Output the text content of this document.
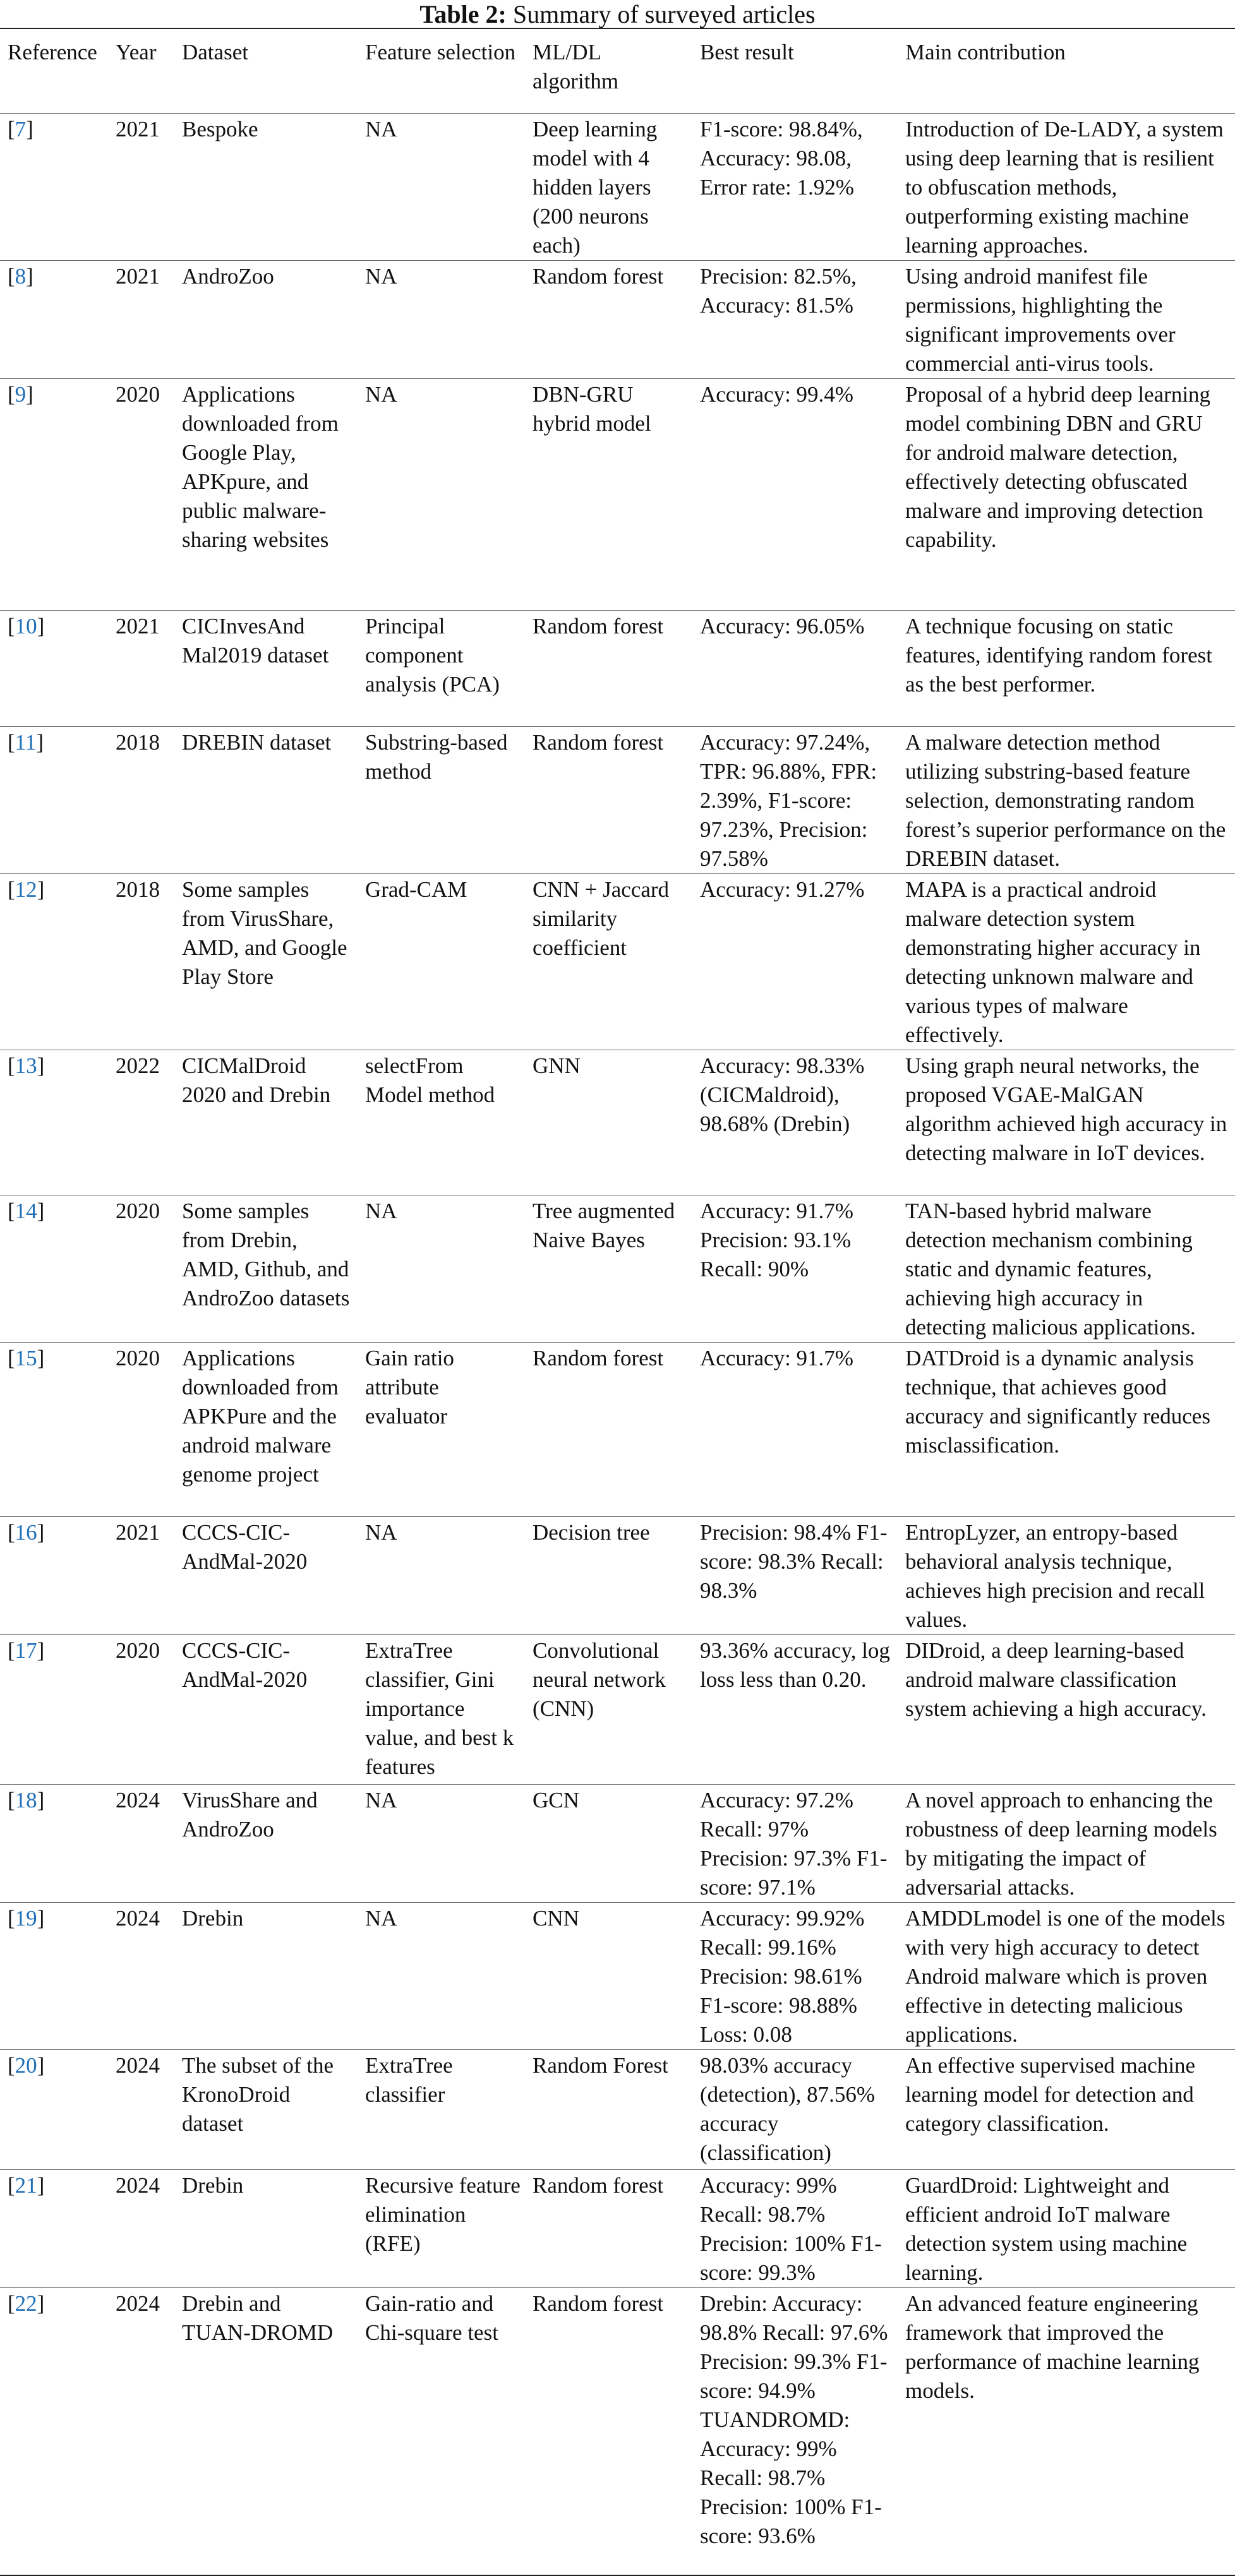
Table 2: Summary of surveyed articles
Reference	Year	Dataset	Feature selection	ML/DL algorithm	Best result	Main contribution
[7]	2021	Bespoke	NA	Deep learning model with 4 hidden layers (200 neurons each)	F1-score: 98.84%, Accuracy: 98.08, Error rate: 1.92%	Introduction of De-LADY, a system using deep learning that is resilient to obfuscation methods, outperforming existing machine learning approaches.
[8]	2021	AndroZoo	NA	Random forest	Precision: 82.5%, Accuracy: 81.5%	Using android manifest file permissions, highlighting the significant improvements over commercial anti-virus tools.
[9]	2020	Applications downloaded from Google Play, APKpure, and public malware-sharing websites	NA	DBN-GRU hybrid model	Accuracy: 99.4%	Proposal of a hybrid deep learning model combining DBN and GRU for android malware detection, effectively detecting obfuscated malware and improving detection capability.
[10]	2021	CICInvesAnd Mal2019 dataset	Principal component analysis (PCA)	Random forest	Accuracy: 96.05%	A technique focusing on static features, identifying random forest as the best performer.
[11]	2018	DREBIN dataset	Substring-based method	Random forest	Accuracy: 97.24%, TPR: 96.88%, FPR: 2.39%, F1-score: 97.23%, Precision: 97.58%	A malware detection method utilizing substring-based feature selection, demonstrating random forest’s superior performance on the DREBIN dataset.
[12]	2018	Some samples from VirusShare, AMD, and Google Play Store	Grad-CAM	CNN + Jaccard similarity coefficient	Accuracy: 91.27%	MAPA is a practical android malware detection system demonstrating higher accuracy in detecting unknown malware and various types of malware effectively.
[13]	2022	CICMalDroid 2020 and Drebin	selectFrom Model method	GNN	Accuracy: 98.33% (CICMaldroid), 98.68% (Drebin)	Using graph neural networks, the proposed VGAE-MalGAN algorithm achieved high accuracy in detecting malware in IoT devices.
[14]	2020	Some samples from Drebin, AMD, Github, and AndroZoo datasets	NA	Tree augmented Naive Bayes	Accuracy: 91.7% Precision: 93.1% Recall: 90%	TAN-based hybrid malware detection mechanism combining static and dynamic features, achieving high accuracy in detecting malicious applications.
[15]	2020	Applications downloaded from APKPure and the android malware genome project	Gain ratio attribute evaluator	Random forest	Accuracy: 91.7%	DATDroid is a dynamic analysis technique, that achieves good accuracy and significantly reduces misclassification.
[16]	2021	CCCS-CIC-AndMal-2020	NA	Decision tree	Precision: 98.4% F1-score: 98.3% Recall: 98.3%	EntropLyzer, an entropy-based behavioral analysis technique, achieves high precision and recall values.
[17]	2020	CCCS-CIC-AndMal-2020	ExtraTree classifier, Gini importance value, and best k features	Convolutional neural network (CNN)	93.36% accuracy, log loss less than 0.20.	DIDroid, a deep learning-based android malware classification system achieving a high accuracy.
[18]	2024	VirusShare and AndroZoo	NA	GCN	Accuracy: 97.2% Recall: 97% Precision: 97.3% F1-score: 97.1%	A novel approach to enhancing the robustness of deep learning models by mitigating the impact of adversarial attacks.
[19]	2024	Drebin	NA	CNN	Accuracy: 99.92% Recall: 99.16% Precision: 98.61% F1-score: 98.88% Loss: 0.08	AMDDLmodel is one of the models with very high accuracy to detect Android malware which is proven effective in detecting malicious applications.
[20]	2024	The subset of the KronoDroid dataset	ExtraTree classifier	Random Forest	98.03% accuracy (detection), 87.56% accuracy (classification)	An effective supervised machine learning model for detection and category classification.
[21]	2024	Drebin	Recursive feature elimination (RFE)	Random forest	Accuracy: 99% Recall: 98.7% Precision: 100% F1-score: 99.3%	GuardDroid: Lightweight and efficient android IoT malware detection system using machine learning.
[22]	2024	Drebin and TUAN-DROMD	Gain-ratio and Chi-square test	Random forest	Drebin: Accuracy: 98.8% Recall: 97.6% Precision: 99.3% F1-score: 94.9% TUANDROMD: Accuracy: 99% Recall: 98.7% Precision: 100% F1-score: 93.6%	An advanced feature engineering framework that improved the performance of machine learning models.
